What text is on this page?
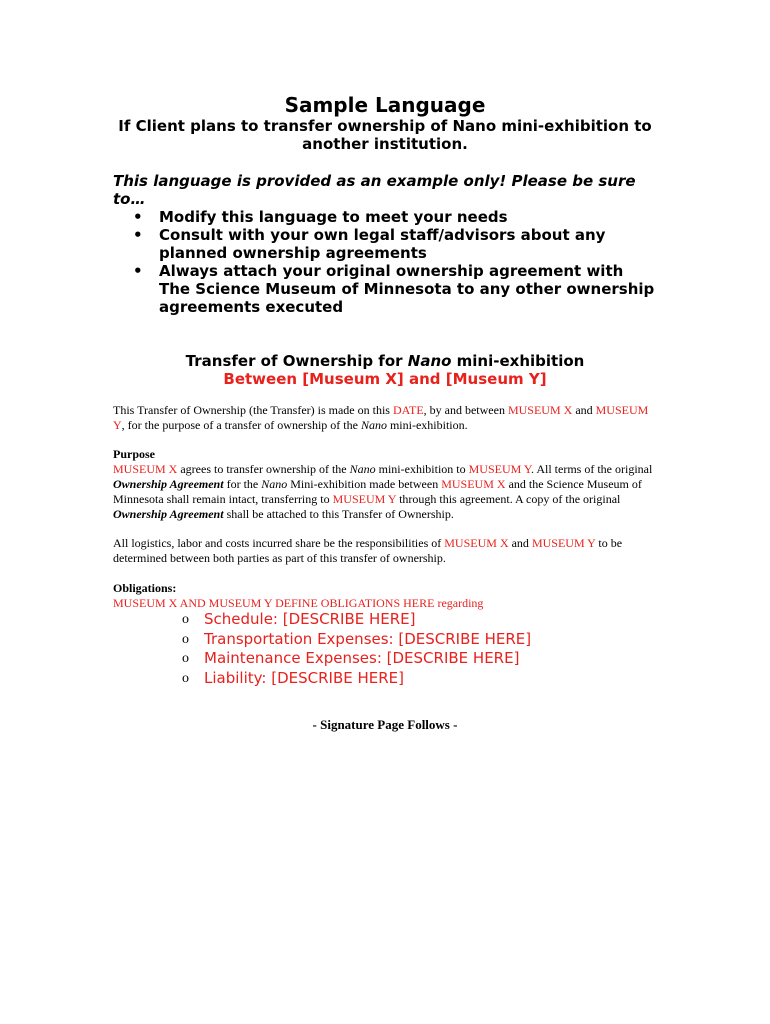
Sample Language
If Client plans to transfer ownership of Nano mini-exhibition to another institution.
This language is provided as an example only! Please be sure to…
• Modify this language to meet your needs
• Consult with your own legal staff/advisors about any planned ownership agreements
• Always attach your original ownership agreement with The Science Museum of Minnesota to any other ownership agreements executed
Transfer of Ownership for Nano mini-exhibition
Between [Museum X] and [Museum Y]
This Transfer of Ownership (the Transfer) is made on this DATE, by and between MUSEUM X and MUSEUM Y, for the purpose of a transfer of ownership of the Nano mini-exhibition.
Purpose
MUSEUM X agrees to transfer ownership of the Nano mini-exhibition to MUSEUM Y. All terms of the original Ownership Agreement for the Nano Mini-exhibition made between MUSEUM X and the Science Museum of Minnesota shall remain intact, transferring to MUSEUM Y through this agreement. A copy of the original Ownership Agreement shall be attached to this Transfer of Ownership.
All logistics, labor and costs incurred share be the responsibilities of MUSEUM X and MUSEUM Y to be determined between both parties as part of this transfer of ownership.
Obligations:
MUSEUM X AND MUSEUM Y DEFINE OBLIGATIONS HERE regarding
o Schedule: [DESCRIBE HERE]
o Transportation Expenses: [DESCRIBE HERE]
o Maintenance Expenses: [DESCRIBE HERE]
o Liability: [DESCRIBE HERE]
- Signature Page Follows -
